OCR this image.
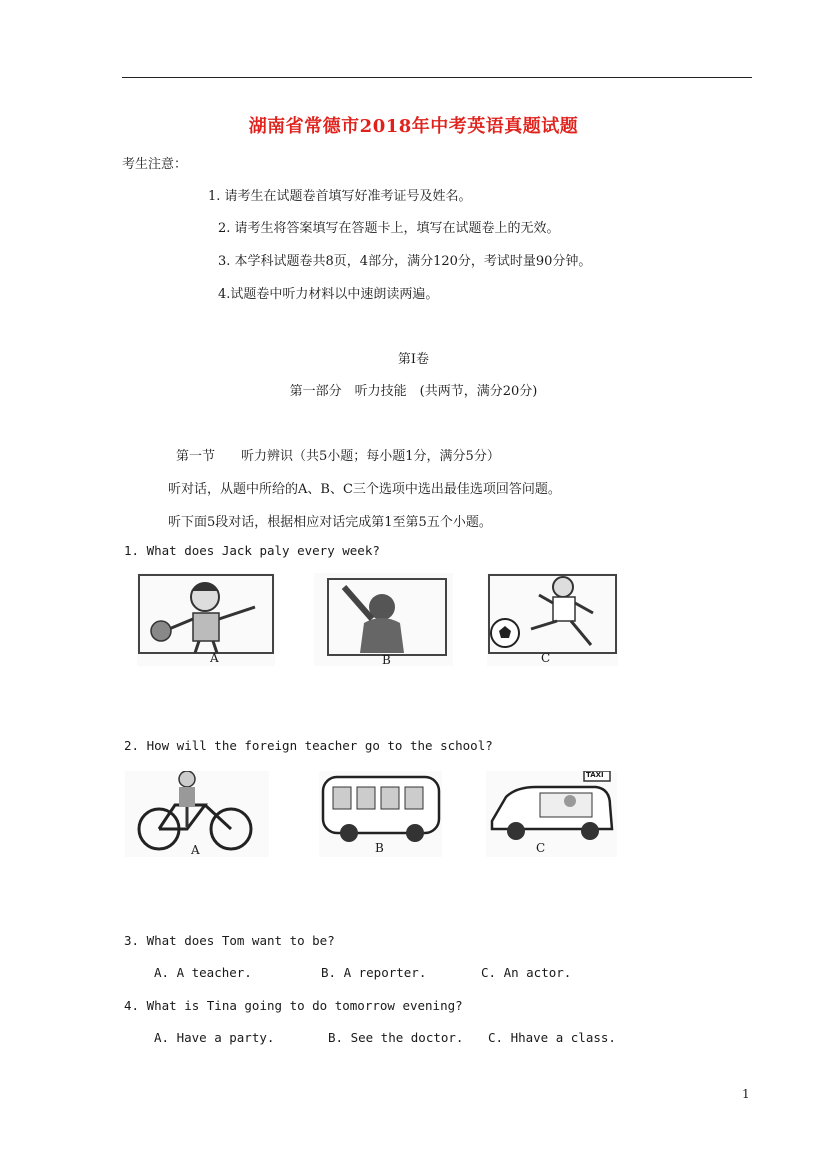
湖南省常德市2018年中考英语真题试题
考生注意：
1. 请考生在试题卷首填写好准考证号及姓名。
2. 请考生将答案填写在答题卡上，填写在试题卷上的无效。
3. 本学科试题卷共8页，4部分，满分120分，考试时量90分钟。
4.试题卷中听力材料以中速朗读两遍。
第I卷
第一部分　听力技能　(共两节，满分20分)
第一节　　听力辨识（共5小题；每小题1分，满分5分）
听对话，从题中所给的A、B、C三个选项中选出最佳选项回答问题。
听下面5段对话，根据相应对话完成第1至第5五个小题。
1. What does Jack paly every week?
A	B	C
2. How will the foreign teacher go to the school?
A	B
TAXI
C
3. What does Tom want to be?
A. A teacher.	B. A reporter.	C. An actor.
4. What is Tina going to do tomorrow evening?
A. Have a party.	B. See the doctor. C. Hhave a class.
1
